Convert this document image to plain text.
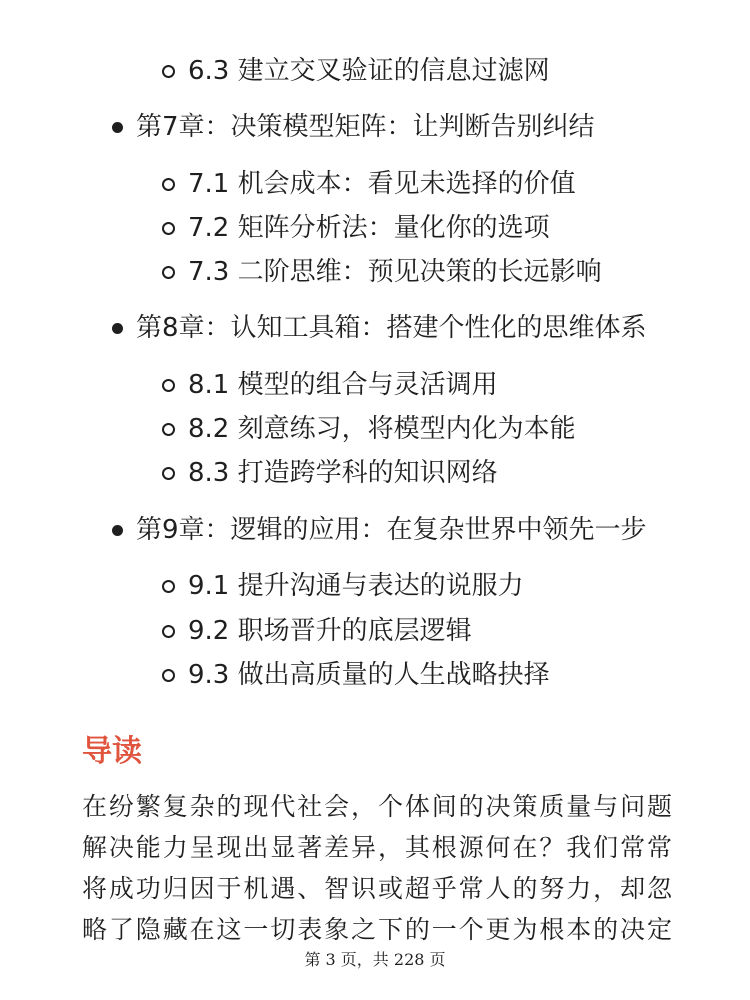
6.3 建立交叉验证的信息过滤网
第7章：决策模型矩阵：让判断告别纠结
7.1 机会成本：看见未选择的价值
7.2 矩阵分析法：量化你的选项
7.3 二阶思维：预见决策的长远影响
第8章：认知工具箱：搭建个性化的思维体系
8.1 模型的组合与灵活调用
8.2 刻意练习，将模型内化为本能
8.3 打造跨学科的知识网络
第9章：逻辑的应用：在复杂世界中领先一步
9.1 提升沟通与表达的说服力
9.2 职场晋升的底层逻辑
9.3 做出高质量的人生战略抉择
导读

在纷繁复杂的现代社会，个体间的决策质量与问题
解决能力呈现出显著差异，其根源何在？我们常常
将成功归因于机遇、智识或超乎常人的努力，却忽
略了隐藏在这一切表象之下的一个更为根本的决定

第 3 页，共 228 页
